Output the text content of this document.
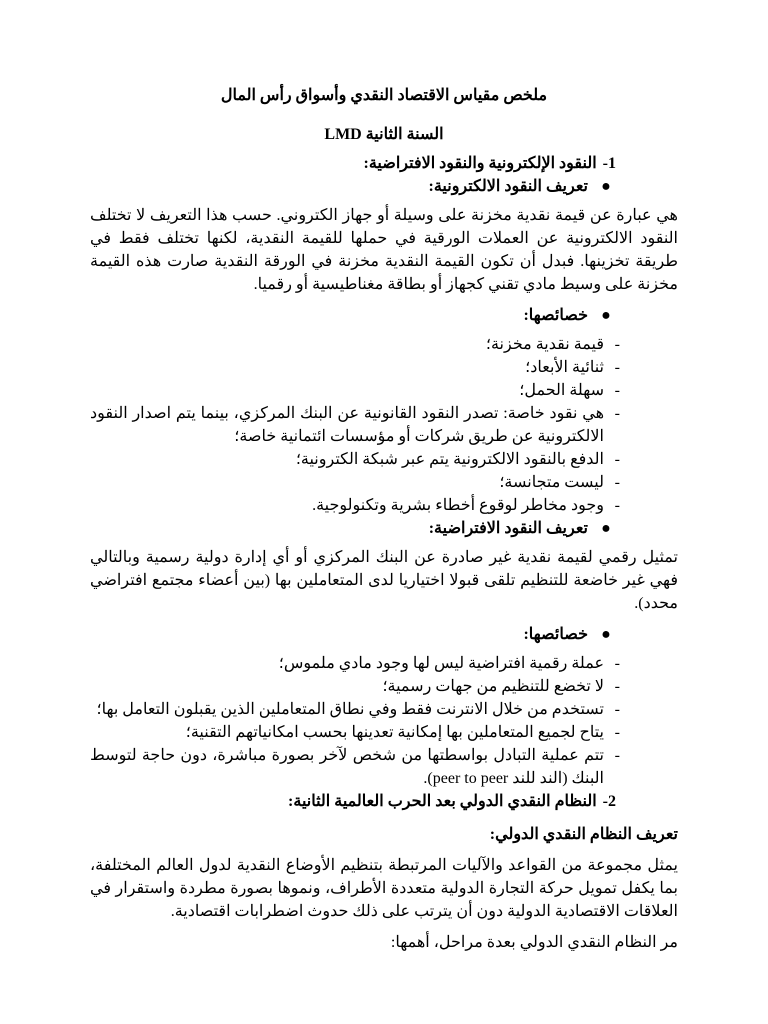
ملخص مقياس الاقتصاد النقدي وأسواق رأس المال

السنة الثانية LMD

1-النقود الإلكترونية والنقود الافتراضية:

●
تعريف النقود الالكترونية:

هي عبارة عن قيمة نقدية مخزنة على وسيلة أو جهاز الكتروني. حسب هذا التعريف لا تختلف النقود الالكترونية عن العملات الورقية في حملها للقيمة النقدية، لكنها تختلف فقط في طريقة تخزينها. فبدل أن تكون القيمة النقدية مخزنة في الورقة النقدية صارت هذه القيمة مخزنة على وسيط مادي تقني كجهاز أو بطاقة مغناطيسية أو رقميا.

●
خصائصها:

-
قيمة نقدية مخزنة؛
-
ثنائية الأبعاد؛
-
سهلة الحمل؛
-
هي نقود خاصة: تصدر النقود القانونية عن البنك المركزي، بينما يتم اصدار النقود الالكترونية عن طريق شركات أو مؤسسات ائتمانية خاصة؛
-
الدفع بالنقود الالكترونية يتم عبر شبكة الكترونية؛
-
ليست متجانسة؛
-
وجود مخاطر لوقوع أخطاء بشرية وتكنولوجية.

●
تعريف النقود الافتراضية:

تمثيل رقمي لقيمة نقدية غير صادرة عن البنك المركزي أو أي إدارة دولية رسمية وبالتالي فهي غير خاضعة للتنظيم تلقى قبولا اختياريا لدى المتعاملين بها (بين أعضاء مجتمع افتراضي محدد).

●
خصائصها:

-
عملة رقمية افتراضية ليس لها وجود مادي ملموس؛
-
لا تخضع للتنظيم من جهات رسمية؛
-
تستخدم من خلال الانترنت فقط وفي نطاق المتعاملين الذين يقبلون التعامل بها؛
-
يتاح لجميع المتعاملين بها إمكانية تعدينها بحسب امكانياتهم التقنية؛
-
تتم عملية التبادل بواسطتها من شخص لآخر بصورة مباشرة، دون حاجة لتوسط البنك (الند للند peer to peer).

2-النظام النقدي الدولي بعد الحرب العالمية الثانية:

تعريف النظام النقدي الدولي:

يمثل مجموعة من القواعد والآليات المرتبطة بتنظيم الأوضاع النقدية لدول العالم المختلفة، بما يكفل تمويل حركة التجارة الدولية متعددة الأطراف، ونموها بصورة مطردة واستقرار في العلاقات الاقتصادية الدولية دون أن يترتب على ذلك حدوث اضطرابات اقتصادية.

مر النظام النقدي الدولي بعدة مراحل، أهمها:
